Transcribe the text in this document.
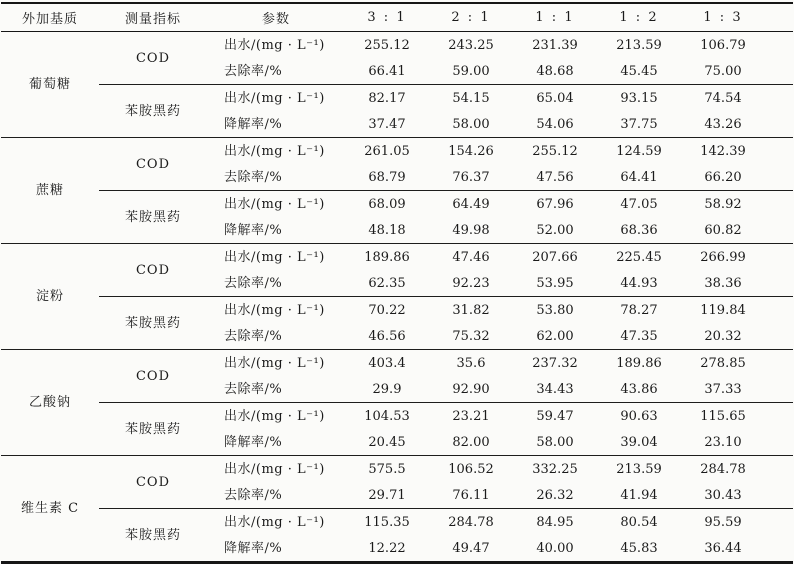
外加基质	测量指标	参数	3 : 1	2 : 1	1 : 1	1 : 2	1 : 3	
葡萄糖	COD	出水/(mg · L⁻¹)	255.12	243.25	231.39	213.59	106.79	
		去除率/%	66.41	59.00	48.68	45.45	75.00	
	苯胺黑药	出水/(mg · L⁻¹)	82.17	54.15	65.04	93.15	74.54	
		降解率/%	37.47	58.00	54.06	37.75	43.26	
蔗糖	COD	出水/(mg · L⁻¹)	261.05	154.26	255.12	124.59	142.39	
		去除率/%	68.79	76.37	47.56	64.41	66.20	
	苯胺黑药	出水/(mg · L⁻¹)	68.09	64.49	67.96	47.05	58.92	
		降解率/%	48.18	49.98	52.00	68.36	60.82	
淀粉	COD	出水/(mg · L⁻¹)	189.86	47.46	207.66	225.45	266.99	
		去除率/%	62.35	92.23	53.95	44.93	38.36	
	苯胺黑药	出水/(mg · L⁻¹)	70.22	31.82	53.80	78.27	119.84	
		去除率/%	46.56	75.32	62.00	47.35	20.32	
乙酸钠	COD	出水/(mg · L⁻¹)	403.4	35.6	237.32	189.86	278.85	
		去除率/%	29.9	92.90	34.43	43.86	37.33	
	苯胺黑药	出水/(mg · L⁻¹)	104.53	23.21	59.47	90.63	115.65	
		降解率/%	20.45	82.00	58.00	39.04	23.10	
维生素 C	COD	出水/(mg · L⁻¹)	575.5	106.52	332.25	213.59	284.78	
		去除率/%	29.71	76.11	26.32	41.94	30.43	
	苯胺黑药	出水/(mg · L⁻¹)	115.35	284.78	84.95	80.54	95.59	
		降解率/%	12.22	49.47	40.00	45.83	36.44	
